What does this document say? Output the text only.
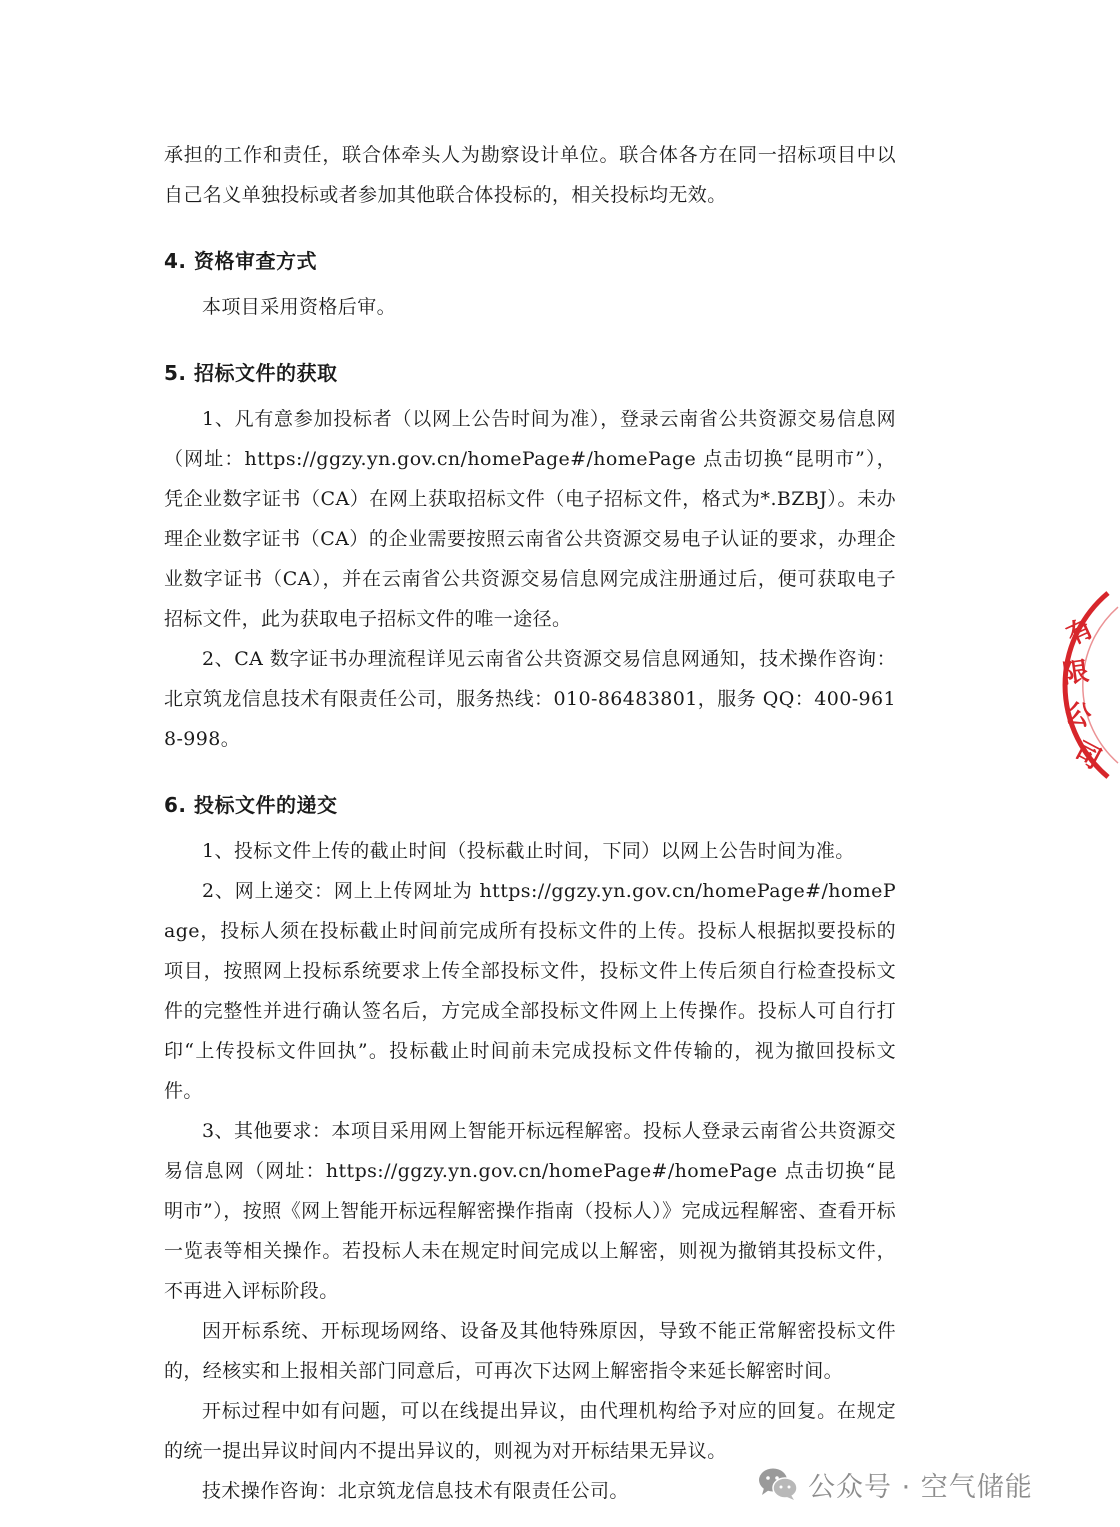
承担的工作和责任，联合体牵头人为勘察设计单位。联合体各方在同一招标项目中以自己名义单独投标或者参加其他联合体投标的，相关投标均无效。

4. 资格审查方式

本项目采用资格后审。

5. 招标文件的获取

1、凡有意参加投标者（以网上公告时间为准），登录云南省公共资源交易信息网（网址：https://ggzy.yn.gov.cn/homePage#/homePage 点击切换“昆明市”），凭企业数字证书（CA）在网上获取招标文件（电子招标文件，格式为*.BZBJ）。未办理企业数字证书（CA）的企业需要按照云南省公共资源交易电子认证的要求，办理企业数字证书（CA），并在云南省公共资源交易信息网完成注册通过后，便可获取电子招标文件，此为获取电子招标文件的唯一途径。

2、CA 数字证书办理流程详见云南省公共资源交易信息网通知，技术操作咨询：北京筑龙信息技术有限责任公司，服务热线：010-86483801，服务 QQ：400-9618-998。

6. 投标文件的递交

1、投标文件上传的截止时间（投标截止时间，下同）以网上公告时间为准。

2、网上递交：网上上传网址为 https://ggzy.yn.gov.cn/homePage#/homePage，投标人须在投标截止时间前完成所有投标文件的上传。投标人根据拟要投标的项目，按照网上投标系统要求上传全部投标文件，投标文件上传后须自行检查投标文件的完整性并进行确认签名后，方完成全部投标文件网上上传操作。投标人可自行打印“上传投标文件回执”。投标截止时间前未完成投标文件传输的，视为撤回投标文件。

3、其他要求：本项目采用网上智能开标远程解密。投标人登录云南省公共资源交易信息网（网址：https://ggzy.yn.gov.cn/homePage#/homePage 点击切换“昆明市”），按照《网上智能开标远程解密操作指南（投标人）》完成远程解密、查看开标一览表等相关操作。若投标人未在规定时间完成以上解密，则视为撤销其投标文件，不再进入评标阶段。

因开标系统、开标现场网络、设备及其他特殊原因，导致不能正常解密投标文件的，经核实和上报相关部门同意后，可再次下达网上解密指令来延长解密时间。

开标过程中如有问题，可以在线提出异议，由代理机构给予对应的回复。在规定的统一提出异议时间内不提出异议的，则视为对开标结果无异议。

技术操作咨询：北京筑龙信息技术有限责任公司。

有
限
公
司
公众号 · 空气储能
